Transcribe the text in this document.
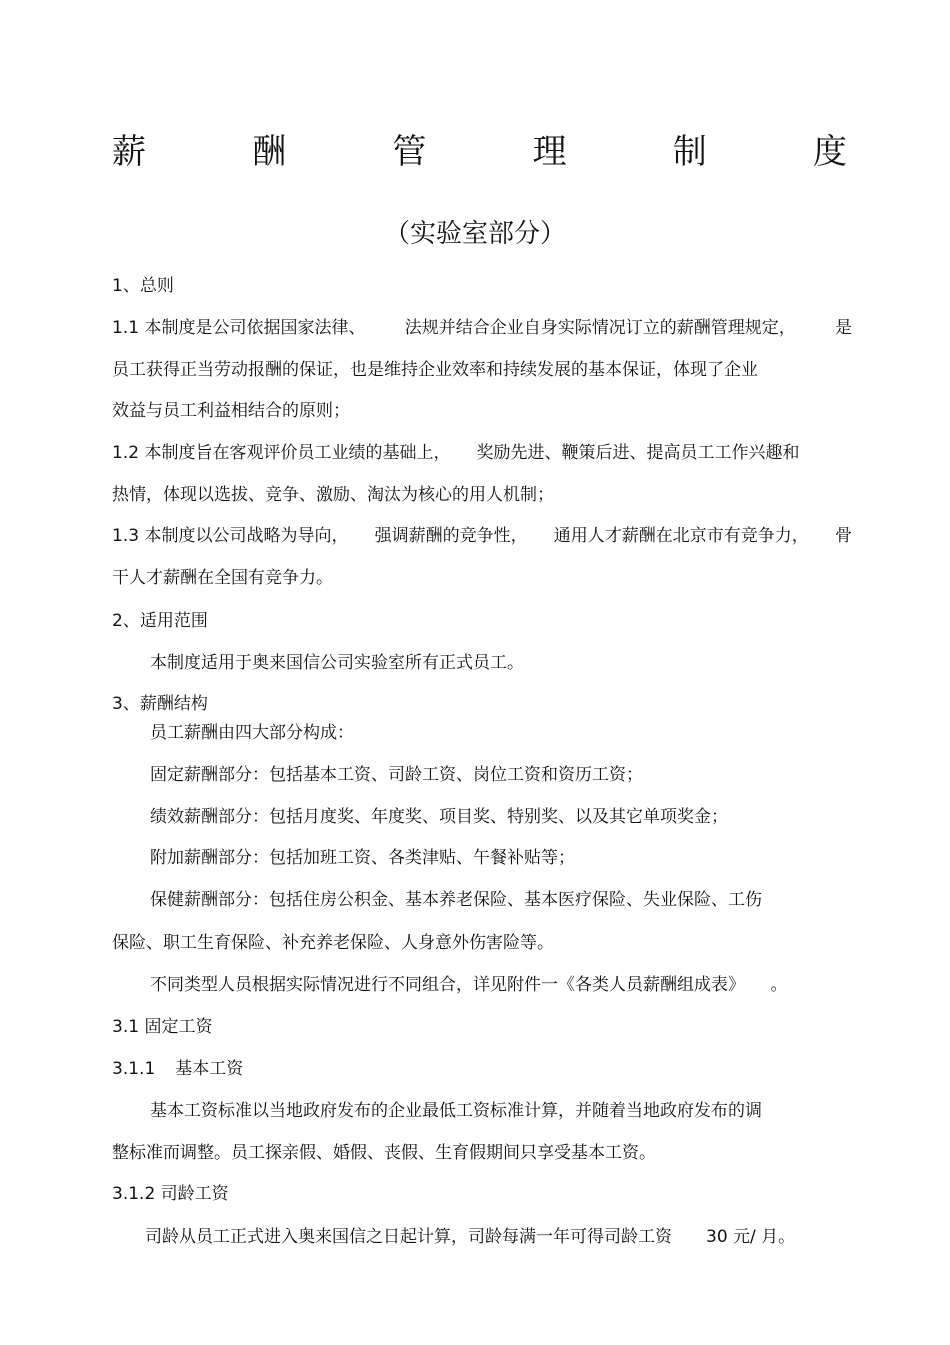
薪	酬	管	理	制	度
（实验室部分）
1、总则
1.1 本制度是公司依据国家法律、 法规并结合企业自身实际情况订立的薪酬管理规定， 是
员工获得正当劳动报酬的保证，也是维持企业效率和持续发展的基本保证，体现了企业
效益与员工利益相结合的原则；
1.2 本制度旨在客观评价员工业绩的基础上， 奖励先进、鞭策后进、提高员工工作兴趣和
热情，体现以选拔、竞争、激励、淘汰为核心的用人机制；
1.3 本制度以公司战略为导向， 强调薪酬的竞争性， 通用人才薪酬在北京市有竞争力， 骨
干人才薪酬在全国有竞争力。
2、适用范围
本制度适用于奥来国信公司实验室所有正式员工。
3、薪酬结构
员工薪酬由四大部分构成：
固定薪酬部分：包括基本工资、司龄工资、岗位工资和资历工资；
绩效薪酬部分：包括月度奖、年度奖、项目奖、特别奖、以及其它单项奖金；
附加薪酬部分：包括加班工资、各类津贴、午餐补贴等；
保健薪酬部分：包括住房公积金、基本养老保险、基本医疗保险、失业保险、工伤
保险、职工生育保险、补充养老保险、人身意外伤害险等。
不同类型人员根据实际情况进行不同组合，详见附件一《各类人员薪酬组成表》 。
3.1 固定工资
3.1.1 基本工资
基本工资标准以当地政府发布的企业最低工资标准计算，并随着当地政府发布的调
整标准而调整。员工探亲假、婚假、丧假、生育假期间只享受基本工资。
3.1.2 司龄工资
司龄从员工正式进入奥来国信之日起计算，司龄每满一年可得司龄工资 30 元/ 月。
